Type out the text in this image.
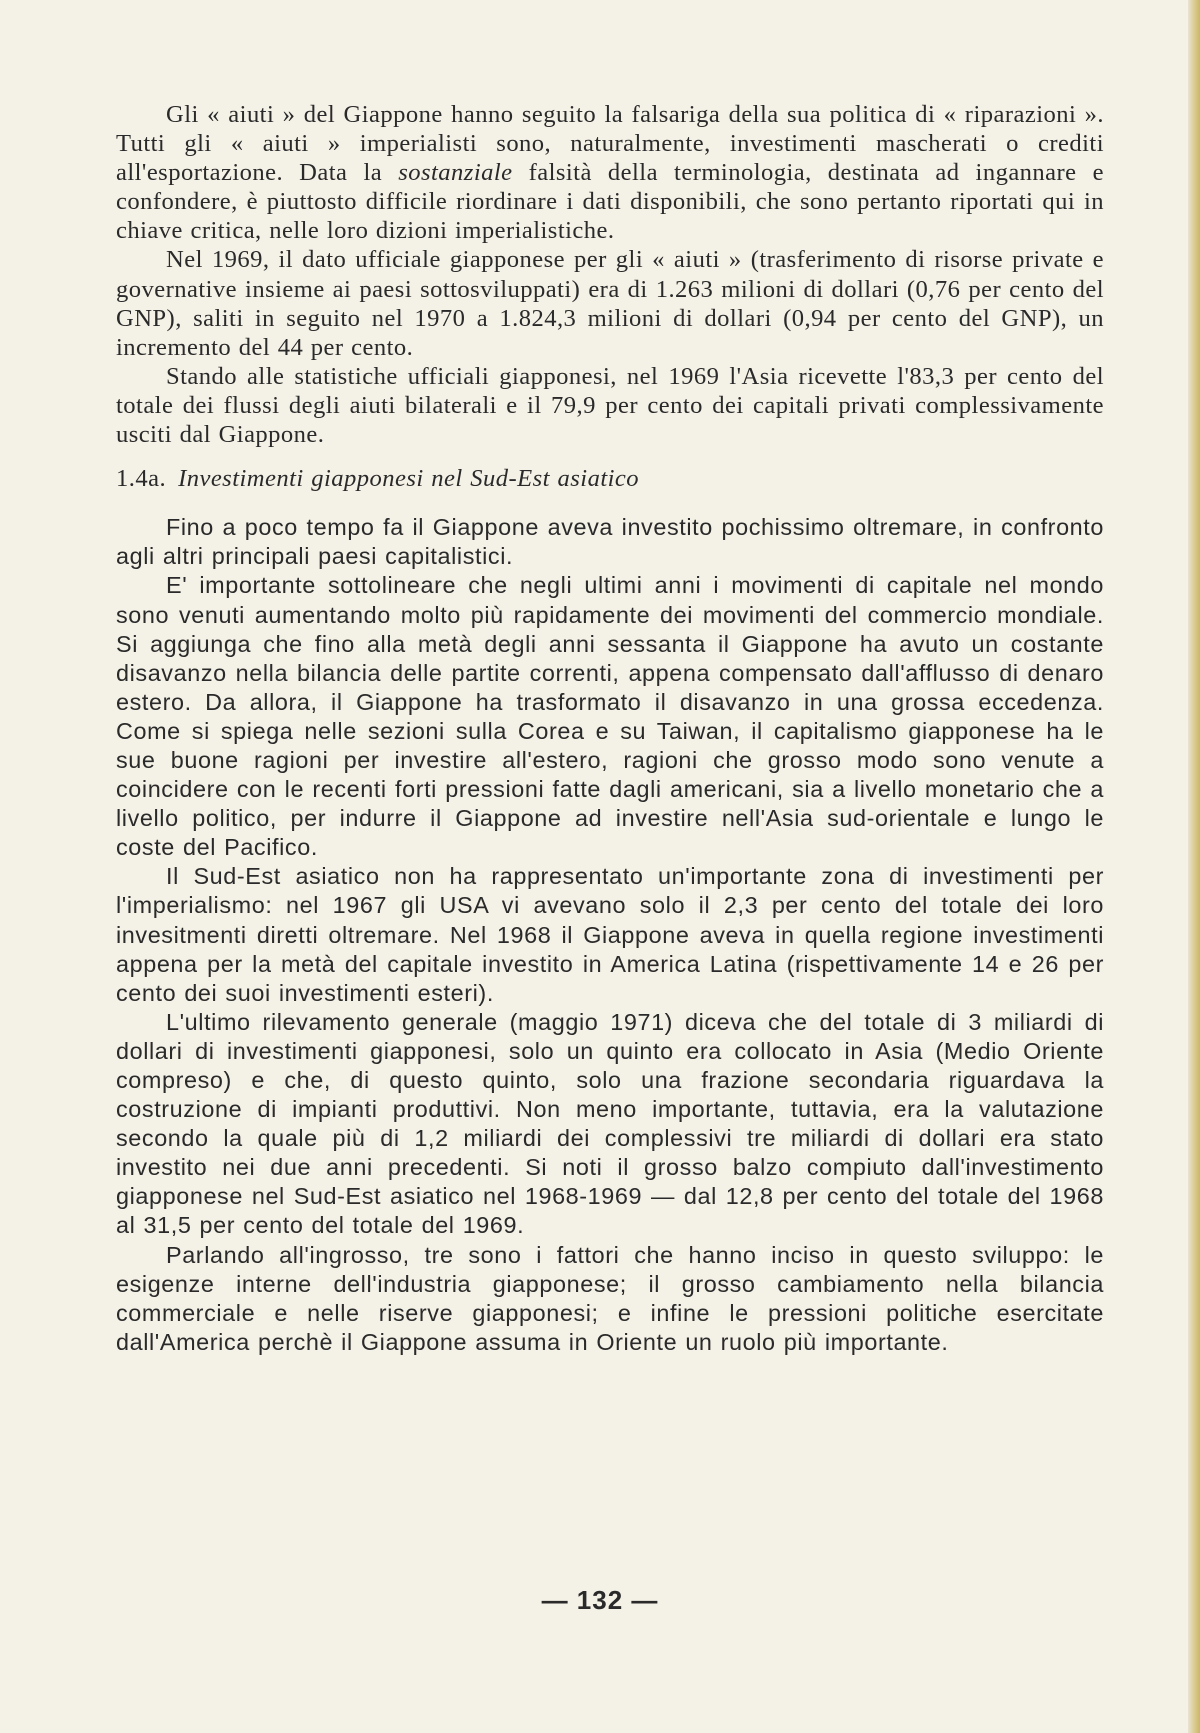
Gli « aiuti » del Giappone hanno seguito la falsariga della sua politica di « riparazioni ». Tutti gli « aiuti » imperialisti sono, naturalmente, investimenti mascherati o crediti all'esportazione. Data la sostanziale falsità della terminologia, destinata ad ingannare e confondere, è piuttosto difficile riordinare i dati disponibili, che sono pertanto riportati qui in chiave critica, nelle loro dizioni imperialistiche.

Nel 1969, il dato ufficiale giapponese per gli « aiuti » (trasferimento di risorse private e governative insieme ai paesi sottosviluppati) era di 1.263 milioni di dollari (0,76 per cento del GNP), saliti in seguito nel 1970 a 1.824,3 milioni di dollari (0,94 per cento del GNP), un incremento del 44 per cento.

Stando alle statistiche ufficiali giapponesi, nel 1969 l'Asia ricevette l'83,3 per cento del totale dei flussi degli aiuti bilaterali e il 79,9 per cento dei capitali privati complessivamente usciti dal Giappone.

1.4a. Investimenti giapponesi nel Sud-Est asiatico

Fino a poco tempo fa il Giappone aveva investito pochissimo oltremare, in confronto agli altri principali paesi capitalistici.

E' importante sottolineare che negli ultimi anni i movimenti di capitale nel mondo sono venuti aumentando molto più rapidamente dei movimenti del commercio mondiale. Si aggiunga che fino alla metà degli anni sessanta il Giappone ha avuto un costante disavanzo nella bilancia delle partite correnti, appena compensato dall'afflusso di denaro estero. Da allora, il Giappone ha trasformato il disavanzo in una grossa eccedenza. Come si spiega nelle sezioni sulla Corea e su Taiwan, il capitalismo giapponese ha le sue buone ragioni per investire all'estero, ragioni che grosso modo sono venute a coincidere con le recenti forti pressioni fatte dagli americani, sia a livello monetario che a livello politico, per indurre il Giappone ad investire nell'Asia sud-orientale e lungo le coste del Pacifico.

Il Sud-Est asiatico non ha rappresentato un'importante zona di investimenti per l'imperialismo: nel 1967 gli USA vi avevano solo il 2,3 per cento del totale dei loro invesitmenti diretti oltremare. Nel 1968 il Giappone aveva in quella regione investimenti appena per la metà del capitale investito in America Latina (rispettivamente 14 e 26 per cento dei suoi investimenti esteri).

L'ultimo rilevamento generale (maggio 1971) diceva che del totale di 3 miliardi di dollari di investimenti giapponesi, solo un quinto era collocato in Asia (Medio Oriente compreso) e che, di questo quinto, solo una frazione secondaria riguardava la costruzione di impianti produttivi. Non meno importante, tuttavia, era la valutazione secondo la quale più di 1,2 miliardi dei complessivi tre miliardi di dollari era stato investito nei due anni precedenti. Si noti il grosso balzo compiuto dall'investimento giapponese nel Sud-Est asiatico nel 1968-1969 — dal 12,8 per cento del totale del 1968 al 31,5 per cento del totale del 1969.

Parlando all'ingrosso, tre sono i fattori che hanno inciso in questo sviluppo: le esigenze interne dell'industria giapponese; il grosso cambiamento nella bilancia commerciale e nelle riserve giapponesi; e infine le pressioni politiche esercitate dall'America perchè il Giappone assuma in Oriente un ruolo più importante.

— 132 —
